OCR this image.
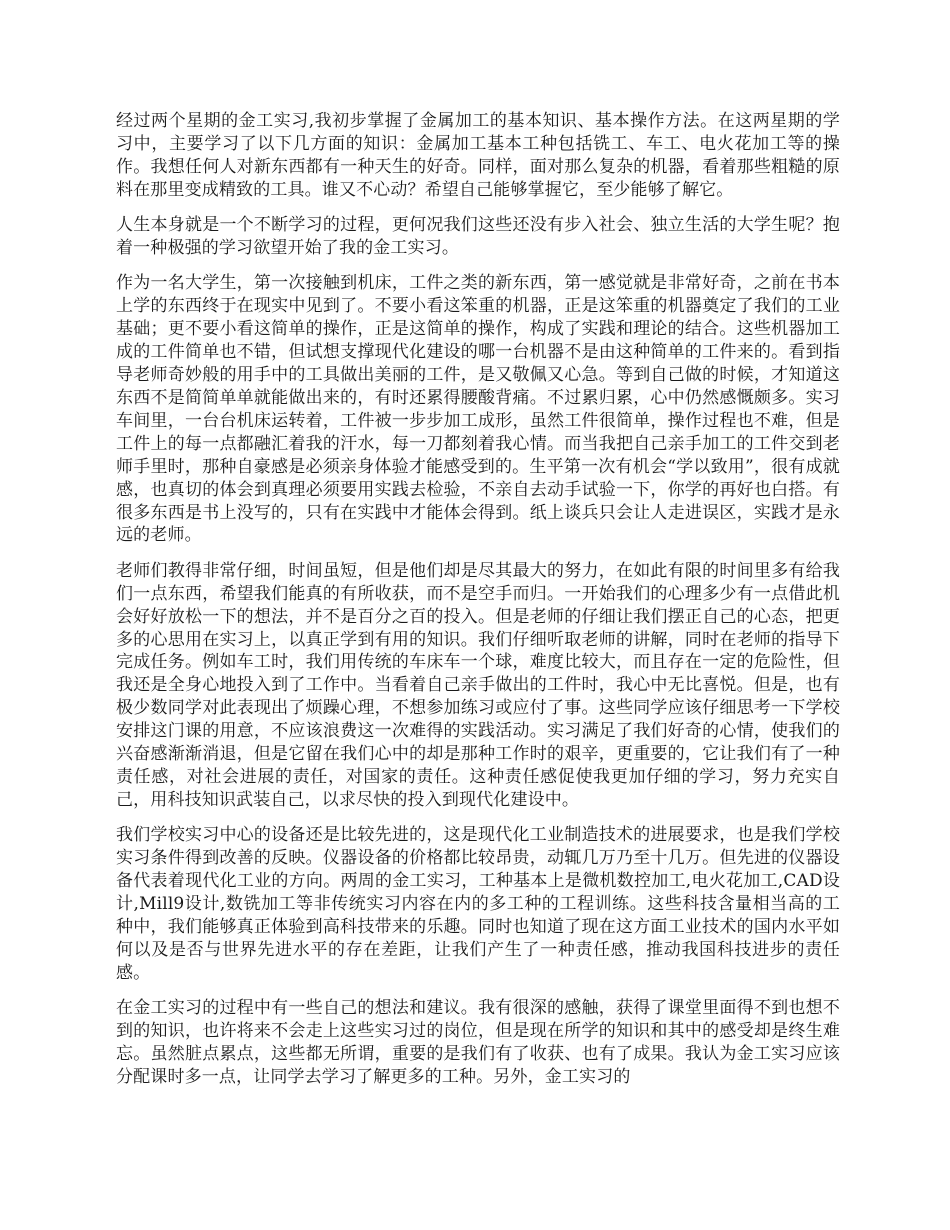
经过两个星期的金工实习,我初步掌握了金属加工的基本知识、基本操作方法。在这两星期的学习中，主要学习了以下几方面的知识：金属加工基本工种包括铣工、车工、电火花加工等的操作。我想任何人对新东西都有一种天生的好奇。同样，面对那么复杂的机器，看着那些粗糙的原料在那里变成精致的工具。谁又不心动？希望自己能够掌握它，至少能够了解它。

人生本身就是一个不断学习的过程，更何况我们这些还没有步入社会、独立生活的大学生呢？抱着一种极强的学习欲望开始了我的金工实习。

作为一名大学生，第一次接触到机床，工件之类的新东西，第一感觉就是非常好奇，之前在书本上学的东西终于在现实中见到了。不要小看这笨重的机器，正是这笨重的机器奠定了我们的工业基础；更不要小看这简单的操作，正是这简单的操作，构成了实践和理论的结合。这些机器加工成的工件简单也不错，但试想支撑现代化建设的哪一台机器不是由这种简单的工件来的。看到指导老师奇妙般的用手中的工具做出美丽的工件，是又敬佩又心急。等到自己做的时候，才知道这东西不是简简单单就能做出来的，有时还累得腰酸背痛。不过累归累，心中仍然感慨颇多。实习车间里，一台台机床运转着，工件被一步步加工成形，虽然工件很简单，操作过程也不难，但是工件上的每一点都融汇着我的汗水，每一刀都刻着我心情。而当我把自己亲手加工的工件交到老师手里时，那种自豪感是必须亲身体验才能感受到的。生平第一次有机会“学以致用”，很有成就感，也真切的体会到真理必须要用实践去检验，不亲自去动手试验一下，你学的再好也白搭。有很多东西是书上没写的，只有在实践中才能体会得到。纸上谈兵只会让人走进误区，实践才是永远的老师。

老师们教得非常仔细，时间虽短，但是他们却是尽其最大的努力，在如此有限的时间里多有给我们一点东西，希望我们能真的有所收获，而不是空手而归。一开始我们的心理多少有一点借此机会好好放松一下的想法，并不是百分之百的投入。但是老师的仔细让我们摆正自己的心态，把更多的心思用在实习上，以真正学到有用的知识。我们仔细听取老师的讲解，同时在老师的指导下完成任务。例如车工时，我们用传统的车床车一个球，难度比较大，而且存在一定的危险性，但我还是全身心地投入到了工作中。当看着自己亲手做出的工件时，我心中无比喜悦。但是，也有极少数同学对此表现出了烦躁心理，不想参加练习或应付了事。这些同学应该仔细思考一下学校安排这门课的用意，不应该浪费这一次难得的实践活动。实习满足了我们好奇的心情，使我们的兴奋感渐渐消退，但是它留在我们心中的却是那种工作时的艰辛，更重要的，它让我们有了一种责任感，对社会进展的责任，对国家的责任。这种责任感促使我更加仔细的学习，努力充实自己，用科技知识武装自己，以求尽快的投入到现代化建设中。

我们学校实习中心的设备还是比较先进的，这是现代化工业制造技术的进展要求，也是我们学校实习条件得到改善的反映。仪器设备的价格都比较昂贵，动辄几万乃至十几万。但先进的仪器设备代表着现代化工业的方向。两周的金工实习，工种基本上是微机数控加工,电火花加工,CAD设计,Mill9设计,数铣加工等非传统实习内容在内的多工种的工程训练。这些科技含量相当高的工种中，我们能够真正体验到高科技带来的乐趣。同时也知道了现在这方面工业技术的国内水平如何以及是否与世界先进水平的存在差距，让我们产生了一种责任感，推动我国科技进步的责任感。

在金工实习的过程中有一些自己的想法和建议。我有很深的感触，获得了课堂里面得不到也想不到的知识，也许将来不会走上这些实习过的岗位，但是现在所学的知识和其中的感受却是终生难忘。虽然脏点累点，这些都无所谓，重要的是我们有了收获、也有了成果。我认为金工实习应该分配课时多一点，让同学去学习了解更多的工种。另外，金工实习的
